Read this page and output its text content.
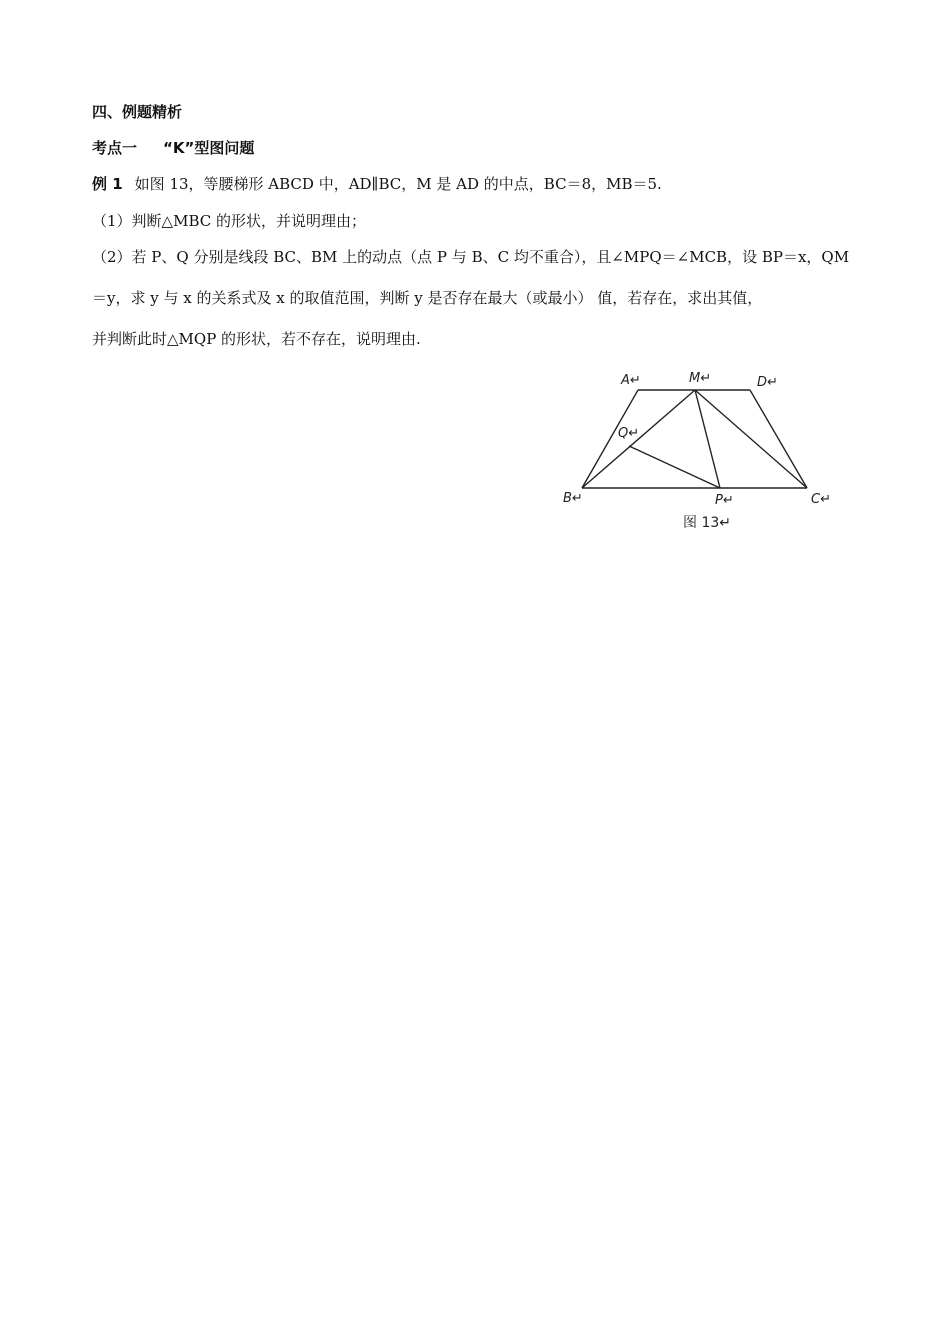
四、例题精析
考点一 “K”型图问题
例 1 如图 13，等腰梯形 ABCD 中，AD∥BC，M 是 AD 的中点，BC＝8，MB＝5.
（1）判断△MBC 的形状，并说明理由；
（2）若 P、Q 分别是线段 BC、BM 上的动点（点 P 与 B、C 均不重合），且∠MPQ＝∠MCB，设 BP＝x，QM
＝y，求 y 与 x 的关系式及 x 的取值范围，判断 y 是否存在最大（或最小） 值，若存在，求出其值，
并判断此时△MQP 的形状，若不存在，说明理由.
A↵	M↵	D↵
Q↵
B↵	P↵	C↵
图 13↵
